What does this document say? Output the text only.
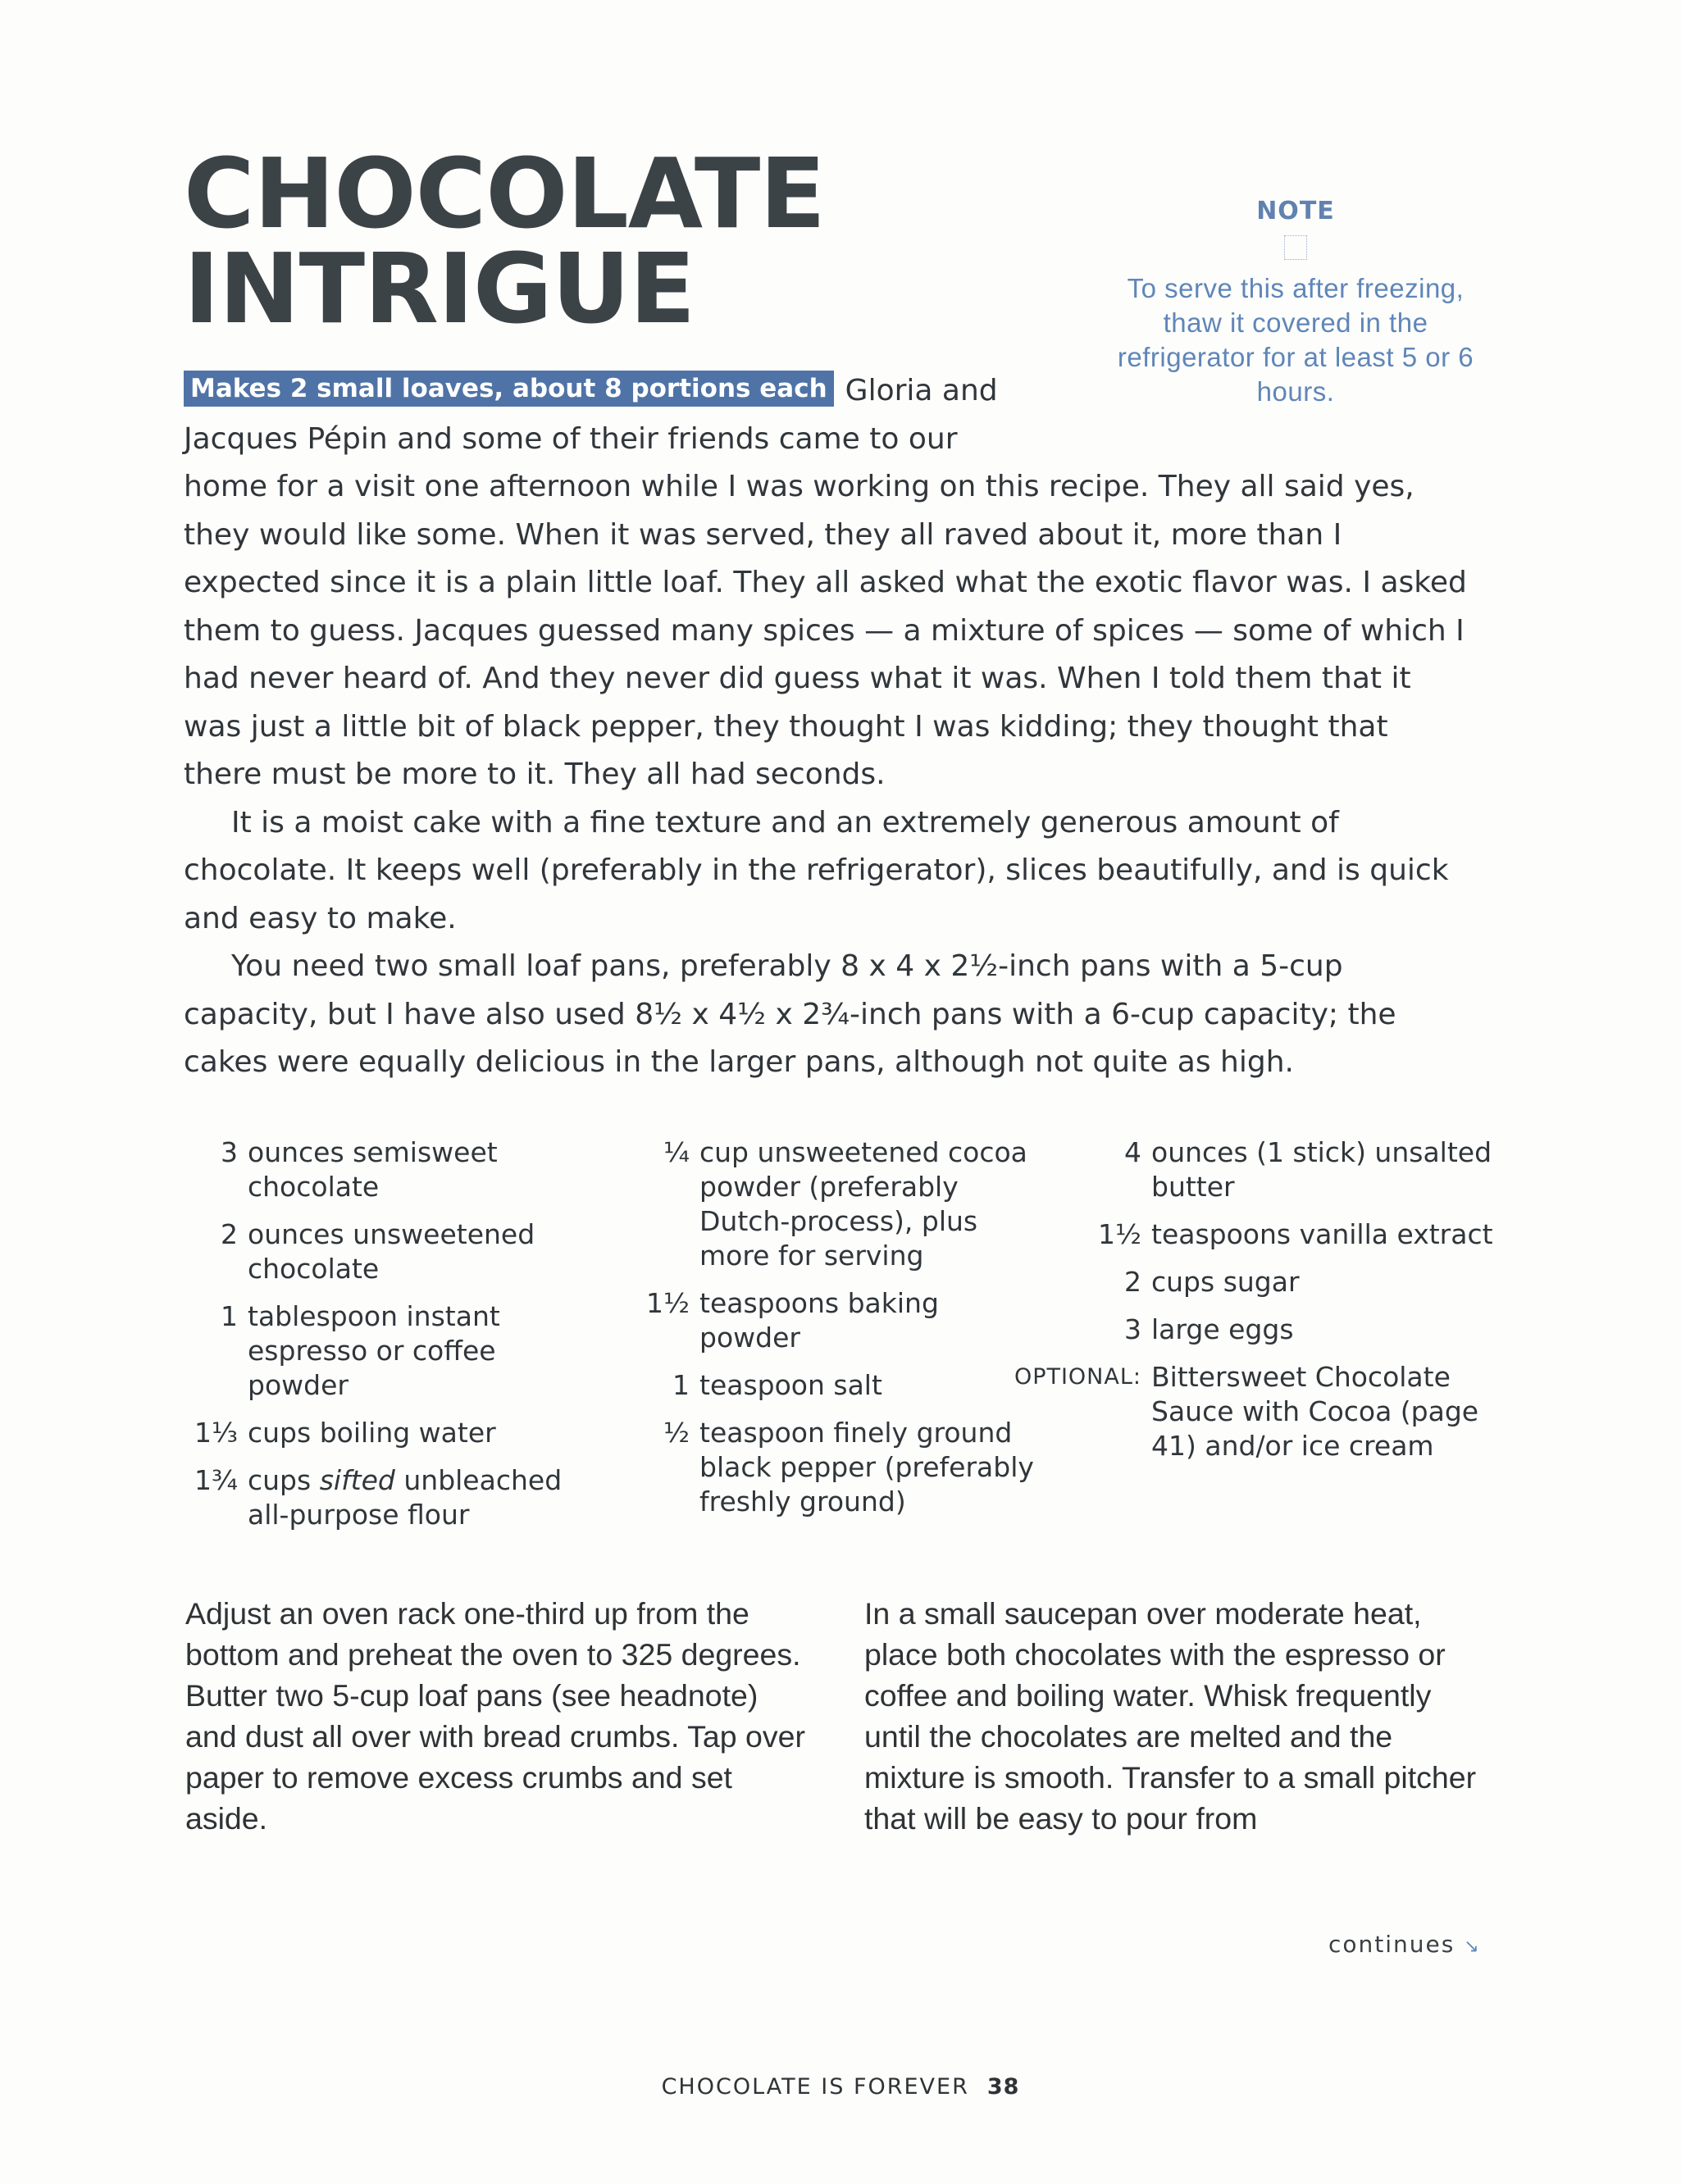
CHOCOLATE
INTRIGUE
NOTE
To serve this after freezing, thaw it covered in the refrigerator for at least 5 or 6 hours.

Makes 2 small loaves, about 8 portions each Gloria and Jacques Pépin and some of their friends came to our
home for a visit one afternoon while I was working on this recipe. They all said yes, they would like some. When it was served, they all raved about it, more than I expected since it is a plain little loaf. They all asked what the exotic flavor was. I asked them to guess. Jacques guessed many spices — a mixture of spices — some of which I had never heard of. And they never did guess what it was. When I told them that it was just a little bit of black pepper, they thought I was kidding; they thought that there must be more to it. They all had seconds.

It is a moist cake with a fine texture and an extremely generous amount of chocolate. It keeps well (preferably in the refrigerator), slices beautifully, and is quick and easy to make.

You need two small loaf pans, preferably 8 x 4 x 2½-inch pans with a 5-cup capacity, but I have also used 8½ x 4½ x 2¾-inch pans with a 6-cup capacity; the cakes were equally delicious in the larger pans, although not quite as high.

3 ounces semisweet chocolate
2 ounces unsweetened chocolate
1 tablespoon instant espresso or coffee powder
1⅓ cups boiling water
1¾ cups sifted unbleached all-purpose flour
¼ cup unsweetened cocoa powder (preferably Dutch-process), plus more for serving
1½ teaspoons baking powder
1 teaspoon salt
½ teaspoon finely ground black pepper (preferably freshly ground)
4 ounces (1 stick) unsalted butter
1½ teaspoons vanilla extract
2 cups sugar
3 large eggs
OPTIONAL: Bittersweet Chocolate Sauce with Cocoa (page 41) and/or ice cream
Adjust an oven rack one-third up from the bottom and preheat the oven to 325 degrees. Butter two 5-cup loaf pans (see headnote) and dust all over with bread crumbs. Tap over paper to remove excess crumbs and set aside.
In a small saucepan over moderate heat, place both chocolates with the espresso or coffee and boiling water. Whisk frequently until the chocolates are melted and the mixture is smooth. Transfer to a small pitcher that will be easy to pour from
continues ↘
CHOCOLATE IS FOREVER 38
